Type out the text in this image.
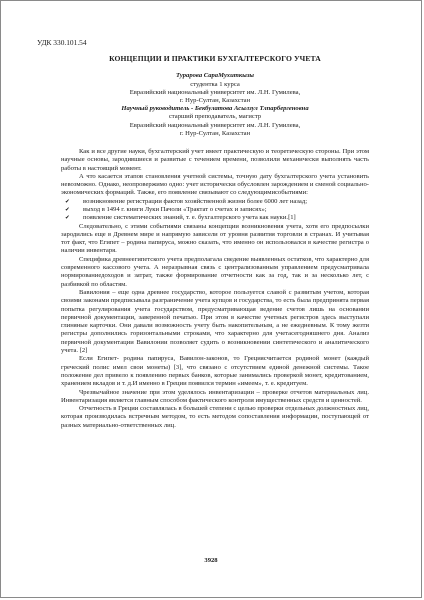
УДК 330.101.54
КОНЦЕПЦИИ И ПРАКТИКИ БУХГАЛТЕРСКОГО УЧЕТА
Турарова СараМухиткызы
студентка 1 курса
Евразийский национальный университет им. Л.Н. Гумилева,
г. Нур-Султан, Казахстан
Научный руководитель - Бекбулатова Асылзул Тлпарбергеновна
старший преподаватель, магистр
Евразийский национальный университет им. Л.Н. Гумилева,
г. Нур-Султан, Казахстан

Как и все другие науки, бухгалтерский учет имеет практическую и теоретическую стороны. При этом научные основы, зародившиеся и развитые с течением времени, позволили механически выполнять часть работы в настоящий момент.

А что касается этапов становления учетной системы, точную дату бухгалтерского учета установить невозможно. Однако, неопровержимо одно: учет исторически обусловлен зарождением и сменой социально-экономических формаций. Также, его появление связывают со следующимисобытиями:

✔ возникновение регистрации фактов хозяйственной жизни более 6000 лет назад;
✔ выход в 1494 г. книги Луки Пачоли «Трактат о счетах и записях»;
✔ появление систематических знаний, т. е. бухгалтерского учета как науки.[1]

Следовательно, с этими событиями связаны концепции возникновения учета, хотя его предпосылки зародились еще в Древнем мире и напрямую зависели от уровня развития торговли в странах. И учитывая тот факт, что Египет – родина папируса, можно сказать, что именно он использовался в качестве регистра о наличии инвентаря.

Специфика древнеегипетского учета предполагала сведение выявленных остатков, что характерно для современного кассового учета. А неразрывная связь с централизованным управлением предусматривала нормированиедоходов и затрат, также формирование отчетности как за год, так и за несколько лет, с разбивкой по областям.

Вавилония – еще одна древнее государство, которое пользуется славой с развитым учетом, которая своими законами предписывала разграничение учета купцов и государства, то есть была предпринята первая попытка регулирования учета государством, предусматривающая ведение счетов лишь на основании первичной документации, заверенной печатью. При этом в качестве учетных регистров здесь выступали глиняные карточки. Они давали возможность учету быть накопительным, а не ежедневным. К тому жезти регистры дополнились горизонтальными строками, что характерно для учетасегодняшнего дня. Анализ первичной документации Вавилонии позволяет судить о возникновении синтетического и аналитического учета. [2]

Если Египет- родина папируса, Вавилон-законов, то Грециясчитается родиной монет (каждый греческий полис имел свои монеты) [3], что связано с отсутствием единой денежной системы. Такое положение дел привело к появлению первых банков, которые занимались проверкой монет, кредитованием, хранением вкладов и т. д.И именно в Греции появился термин «имеем», т. е. кредитуем.

Чрезвычайное значение при этом уделялось инвентаризации – проверке отчетов материальных лиц. Инвентаризация является главным способом фактического контроля имущественных средств и ценностей.

Отчетность в Греции составлялась в большей степени с целью проверки отдельных должностных лиц, которая производилась встречным методом, то есть методом сопоставления информации, поступающей от разных материально-ответственных лиц.

3928
